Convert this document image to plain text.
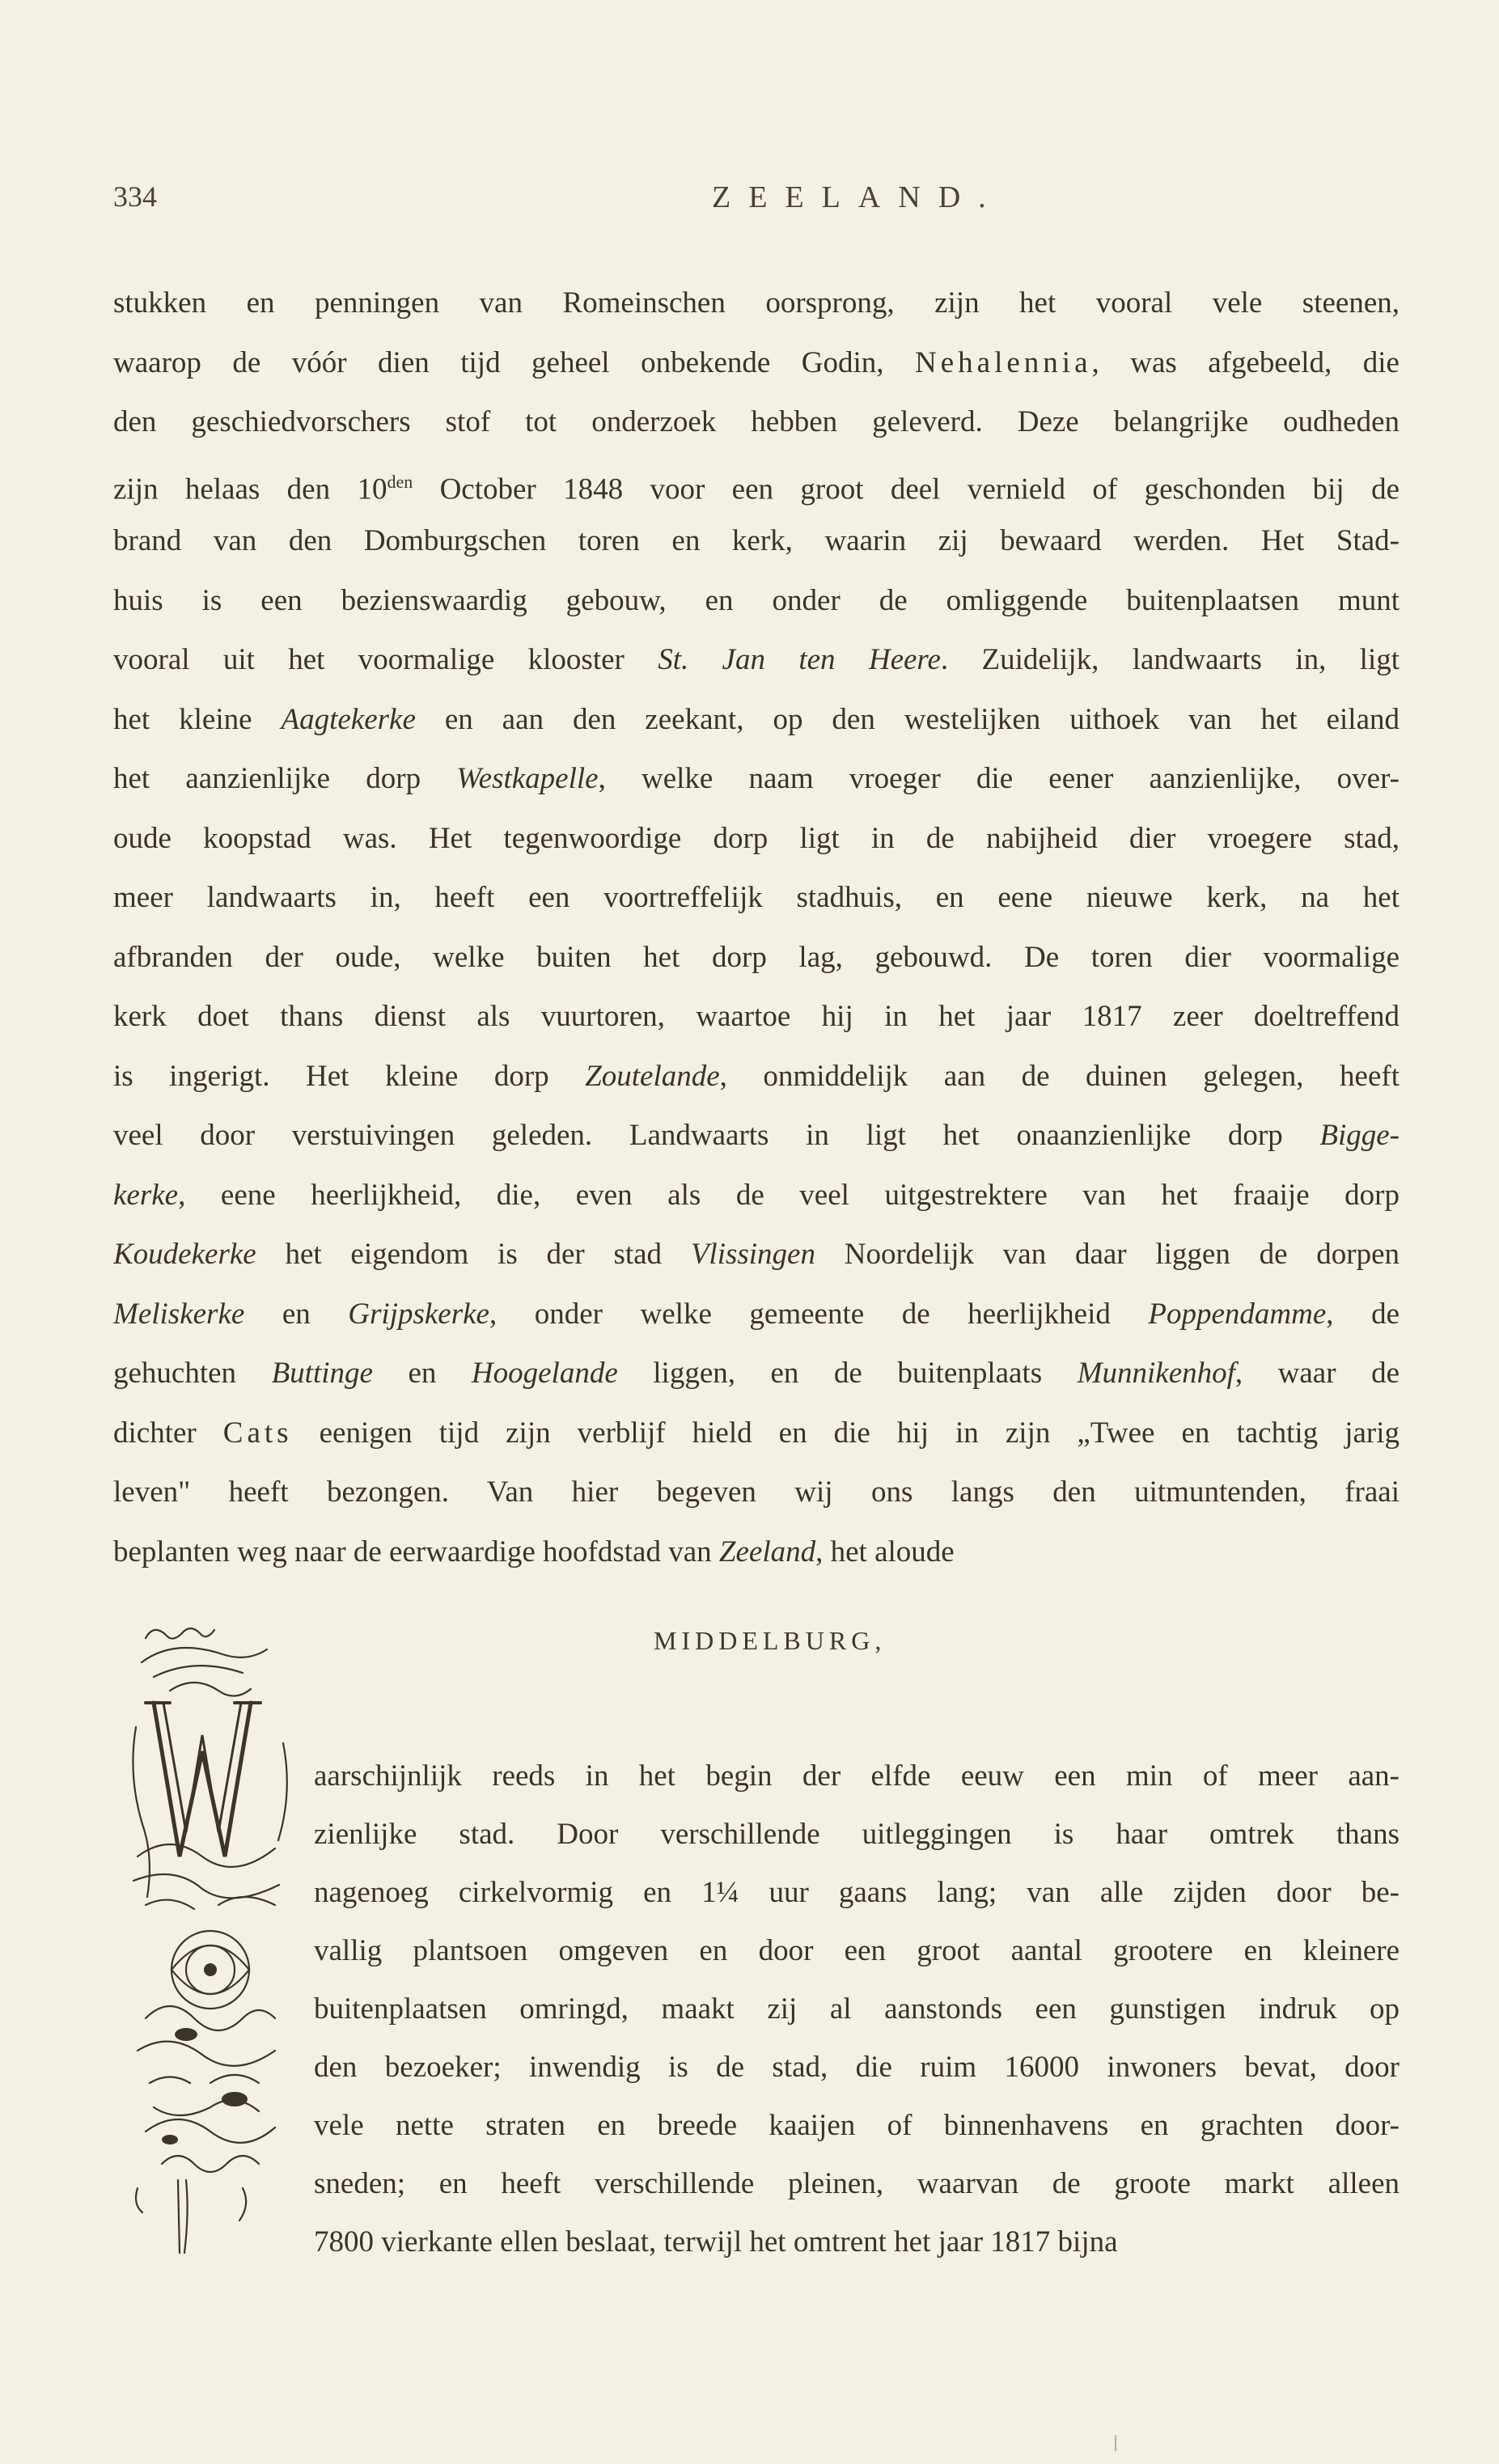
334	ZEELAND.
stukken en penningen van Romeinschen oorsprong, zijn het vooral vele steenen,
waarop de vóór dien tijd geheel onbekende Godin, Nehalennia, was afgebeeld, die
den geschiedvorschers stof tot onderzoek hebben geleverd. Deze belangrijke oudheden
zijn helaas den $10^{den}$ October 1848 voor een groot deel vernield of geschonden bij de
brand van den Domburgschen toren en kerk, waarin zij bewaard werden. Het Stad-
huis is een bezienswaardig gebouw, en onder de omliggende buitenplaatsen munt
vooral uit het voormalige klooster St. Jan ten Heere. Zuidelijk, landwaarts in, ligt
het kleine Aagtekerke en aan den zeekant, op den westelijken uithoek van het eiland
het aanzienlijke dorp Westkapelle, welke naam vroeger die eener aanzienlijke, over-
oude koopstad was. Het tegenwoordige dorp ligt in de nabijheid dier vroegere stad,
meer landwaarts in, heeft een voortreffelijk stadhuis, en eene nieuwe kerk, na het
afbranden der oude, welke buiten het dorp lag, gebouwd. De toren dier voormalige
kerk doet thans dienst als vuurtoren, waartoe hij in het jaar 1817 zeer doeltreffend
is ingerigt. Het kleine dorp Zoutelande, onmiddelijk aan de duinen gelegen, heeft
veel door verstuivingen geleden. Landwaarts in ligt het onaanzienlijke dorp Bigge-
kerke, eene heerlijkheid, die, even als de veel uitgestrektere van het fraaije dorp
Koudekerke het eigendom is der stad Vlissingen Noordelijk van daar liggen de dorpen
Meliskerke en Grijpskerke, onder welke gemeente de heerlijkheid Poppendamme, de
gehuchten Buttinge en Hoogelande liggen, en de buitenplaats Munnikenhof, waar de
dichter Cats eenigen tijd zijn verblijf hield en die hij in zijn „Twee en tachtig jarig
leven" heeft bezongen. Van hier begeven wij ons langs den uitmuntenden, fraai
beplanten weg naar de eerwaardige hoofdstad van Zeeland, het aloude
MIDDELBURG,
aarschijnlijk reeds in het begin der elfde eeuw een min of meer aan-
zienlijke stad. Door verschillende uitleggingen is haar omtrek thans
nagenoeg cirkelvormig en 1¼ uur gaans lang; van alle zijden door be-
vallig plantsoen omgeven en door een groot aantal grootere en kleinere
buitenplaatsen omringd, maakt zij al aanstonds een gunstigen indruk op
den bezoeker; inwendig is de stad, die ruim 16000 inwoners bevat, door
vele nette straten en breede kaaijen of binnenhavens en grachten door-
sneden; en heeft verschillende pleinen, waarvan de groote markt alleen
7800 vierkante ellen beslaat, terwijl het omtrent het jaar 1817 bijna
